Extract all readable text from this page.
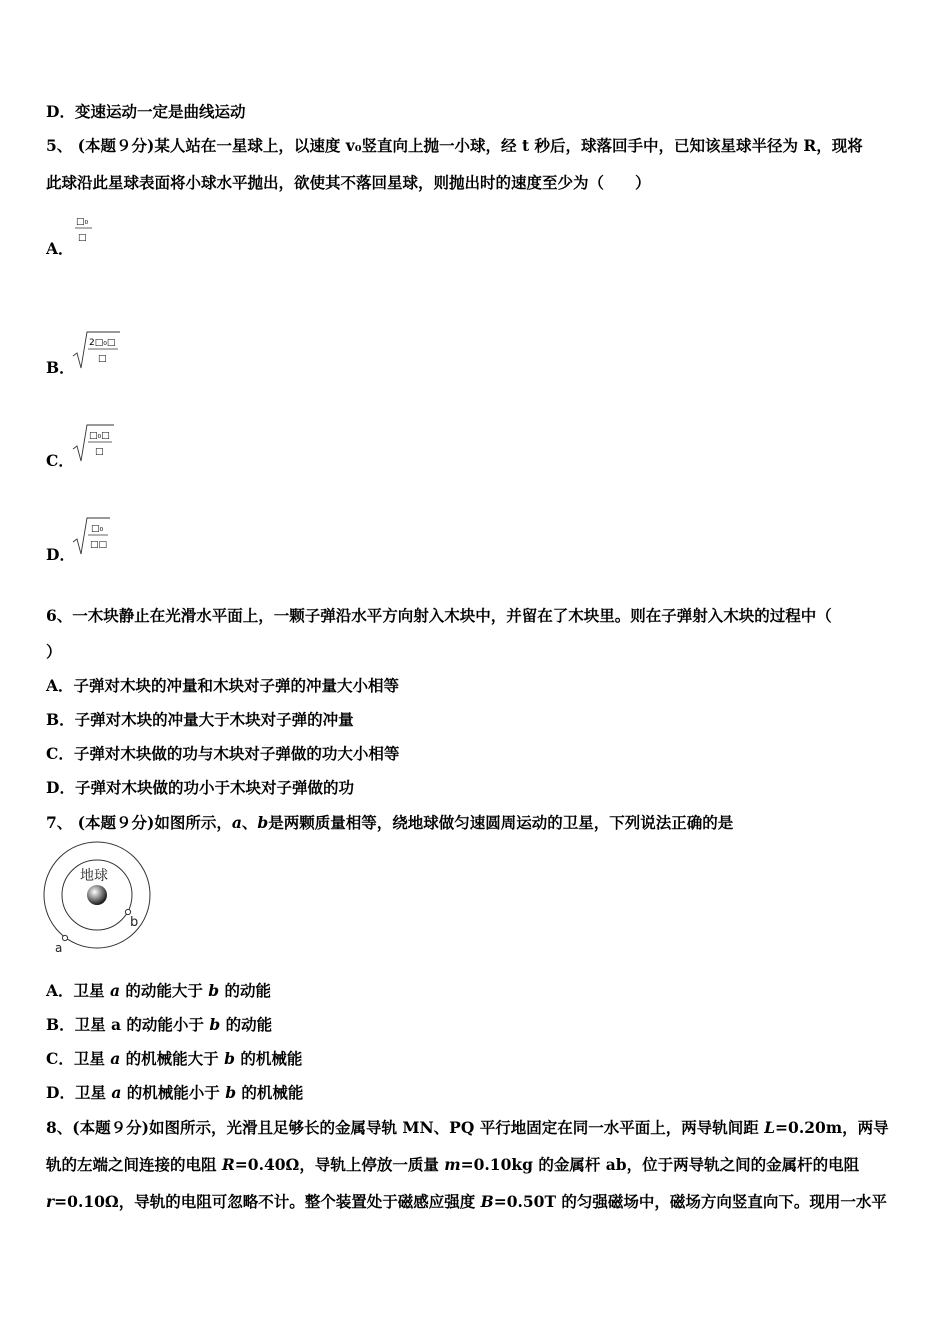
D．变速运动一定是曲线运动
5、 (本题９分)某人站在一星球上，以速度 v₀竖直向上抛一小球，经 t 秒后，球落回手中，已知该星球半径为 R，现将
此球沿此星球表面将小球水平抛出，欲使其不落回星球，则抛出时的速度至少为（　　）
A．
□₀
□
B．
2□₀□
□
C．
□₀□
□
D．
□₀
□□
6、一木块静止在光滑水平面上，一颗子弹沿水平方向射入木块中，并留在了木块里。则在子弹射入木块的过程中（
）
A．子弹对木块的冲量和木块对子弹的冲量大小相等
B．子弹对木块的冲量大于木块对子弹的冲量
C．子弹对木块做的功与木块对子弹做的功大小相等
D．子弹对木块做的功小于木块对子弹做的功
7、 (本题９分)如图所示，a、b是两颗质量相等，绕地球做匀速圆周运动的卫星，下列说法正确的是
地球
a
b
A．卫星 a 的动能大于 b 的动能
B．卫星 a 的动能小于 b 的动能
C．卫星 a 的机械能大于 b 的机械能
D．卫星 a 的机械能小于 b 的机械能
8、(本题９分)如图所示，光滑且足够长的金属导轨 MN、PQ 平行地固定在同一水平面上，两导轨间距 L=0.20m，两导
轨的左端之间连接的电阻 R=0.40Ω，导轨上停放一质量 m=0.10kg 的金属杆 ab，位于两导轨之间的金属杆的电阻
r=0.10Ω，导轨的电阻可忽略不计。整个装置处于磁感应强度 B=0.50T 的匀强磁场中，磁场方向竖直向下。现用一水平
